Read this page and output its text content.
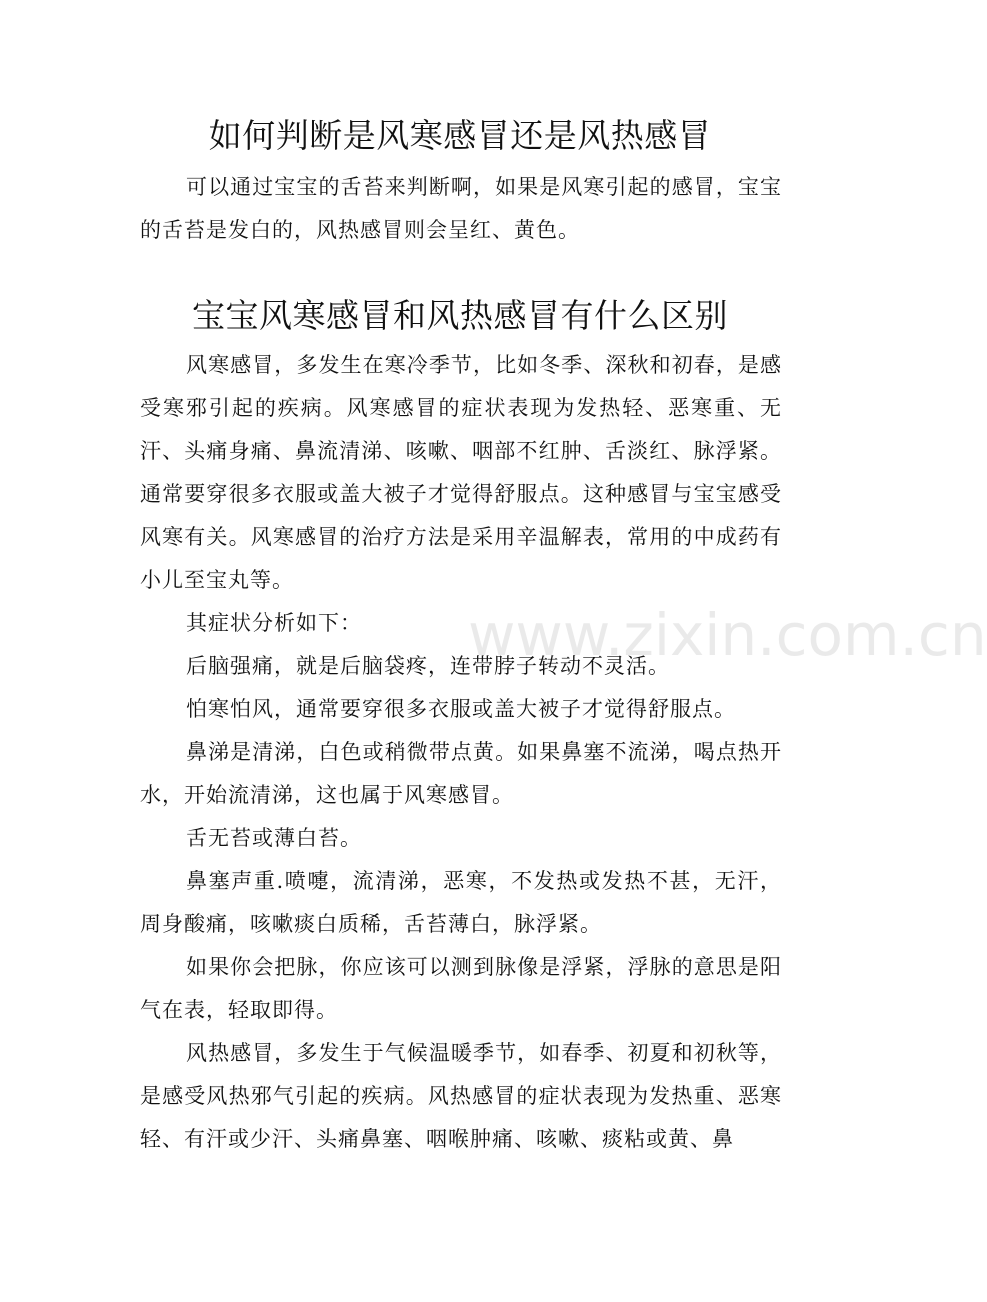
如何判断是风寒感冒还是风热感冒
可以通过宝宝的舌苔来判断啊，如果是风寒引起的感冒，宝宝的舌苔是发白的，风热感冒则会呈红、黄色。
宝宝风寒感冒和风热感冒有什么区别
风寒感冒，多发生在寒冷季节，比如冬季、深秋和初春，是感受寒邪引起的疾病。风寒感冒的症状表现为发热轻、恶寒重、无汗、头痛身痛、鼻流清涕、咳嗽、咽部不红肿、舌淡红、脉浮紧。通常要穿很多衣服或盖大被子才觉得舒服点。这种感冒与宝宝感受风寒有关。风寒感冒的治疗方法是采用辛温解表，常用的中成药有小儿至宝丸等。
其症状分析如下：
后脑强痛，就是后脑袋疼，连带脖子转动不灵活。
怕寒怕风，通常要穿很多衣服或盖大被子才觉得舒服点。
鼻涕是清涕，白色或稍微带点黄。如果鼻塞不流涕，喝点热开水，开始流清涕，这也属于风寒感冒。
舌无苔或薄白苔。
鼻塞声重.喷嚏，流清涕，恶寒，不发热或发热不甚，无汗，周身酸痛，咳嗽痰白质稀，舌苔薄白，脉浮紧。
如果你会把脉，你应该可以测到脉像是浮紧，浮脉的意思是阳气在表，轻取即得。
风热感冒，多发生于气候温暖季节，如春季、初夏和初秋等，是感受风热邪气引起的疾病。风热感冒的症状表现为发热重、恶寒轻、有汗或少汗、头痛鼻塞、咽喉肿痛、咳嗽、痰粘或黄、鼻
www.zixin.com.cn
